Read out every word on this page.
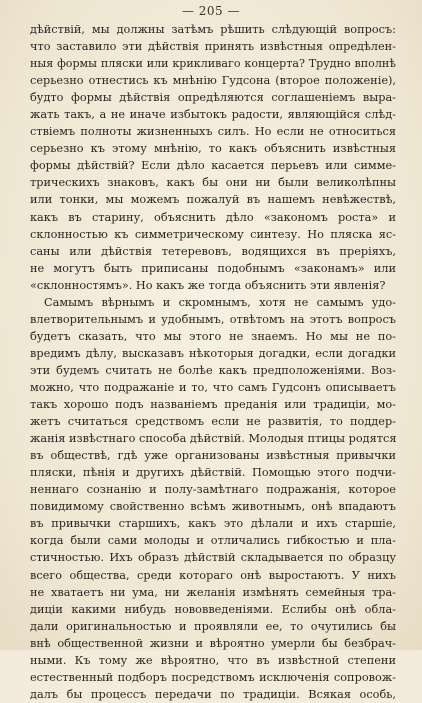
— 205 —
дѣйствій, мы должны затѣмъ рѣшить слѣдующій вопросъ:
что заставило эти дѣйствія принять извѣстныя опредѣлен-
ныя формы пляски или крикливаго концерта? Трудно вполнѣ
серьезно отнестись къ мнѣнію Гудсона (второе положеніе),
будто формы дѣйствія опредѣляются соглашеніемъ выра-
жать такъ, а не иначе избытокъ радости, являющійся слѣд-
ствіемъ полноты жизненныхъ силъ. Но если не относиться
серьезно къ этому мнѣнію, то какъ объяснить извѣстныя
формы дѣйствій? Если дѣло касается перьевъ или симме-
трическихъ знаковъ, какъ бы они ни были великолѣпны
или тонки, мы можемъ пожалуй въ нашемъ невѣжествѣ,
какъ въ старину, объяснить дѣло «закономъ роста» и
склонностью къ симметрическому синтезу. Но пляска яс-
саны или дѣйствія тетеревовъ, водящихся въ прерiяхъ,
не могутъ быть приписаны подобнымъ «законамъ» или
«склонностямъ». Но какъ же тогда объяснить эти явленія?
Самымъ вѣрнымъ и скромнымъ, хотя не самымъ удо-
влетворительнымъ и удобнымъ, отвѣтомъ на этотъ вопросъ
будетъ сказать, что мы этого не знаемъ. Но мы не по-
вредимъ дѣлу, высказавъ нѣкоторыя догадки, если догадки
эти будемъ считать не болѣе какъ предположеніями. Воз-
можно, что подражаніе и то, что самъ Гудсонъ описываетъ
такъ хорошо подъ названіемъ преданія или традиціи, мо-
жетъ считаться средствомъ если не развитія, то поддер-
жанія извѣстнаго способа дѣйствій. Молодыя птицы родятся
въ обществѣ, гдѣ уже организованы извѣстныя привычки
пляски, пѣнія и другихъ дѣйствій. Помощью этого подчи-
неннаго сознанію и полу-замѣтнаго подражанія, которое
повидимому свойственно всѣмъ животнымъ, онѣ впадаютъ
въ привычки старшихъ, какъ это дѣлали и ихъ старшіе,
когда были сами молоды и отличались гибкостью и пла-
стичностью. Ихъ образъ дѣйствій складывается по образцу
всего общества, среди котораго онѣ выростаютъ. У нихъ
не хватаетъ ни ума, ни желанія измѣнять семейныя тра-
диціи какими нибудь нововведеніями. Еслибы онѣ обла-
дали оригинальностью и проявляли ее, то очутились бы
внѣ общественной жизни и вѣроятно умерли бы безбрач-
ными. Къ тому же вѣроятно, что въ извѣстной степени
естественный подборъ посредствомъ исключенія сопровож-
далъ бы процессъ передачи по традиціи. Всякая особь,
